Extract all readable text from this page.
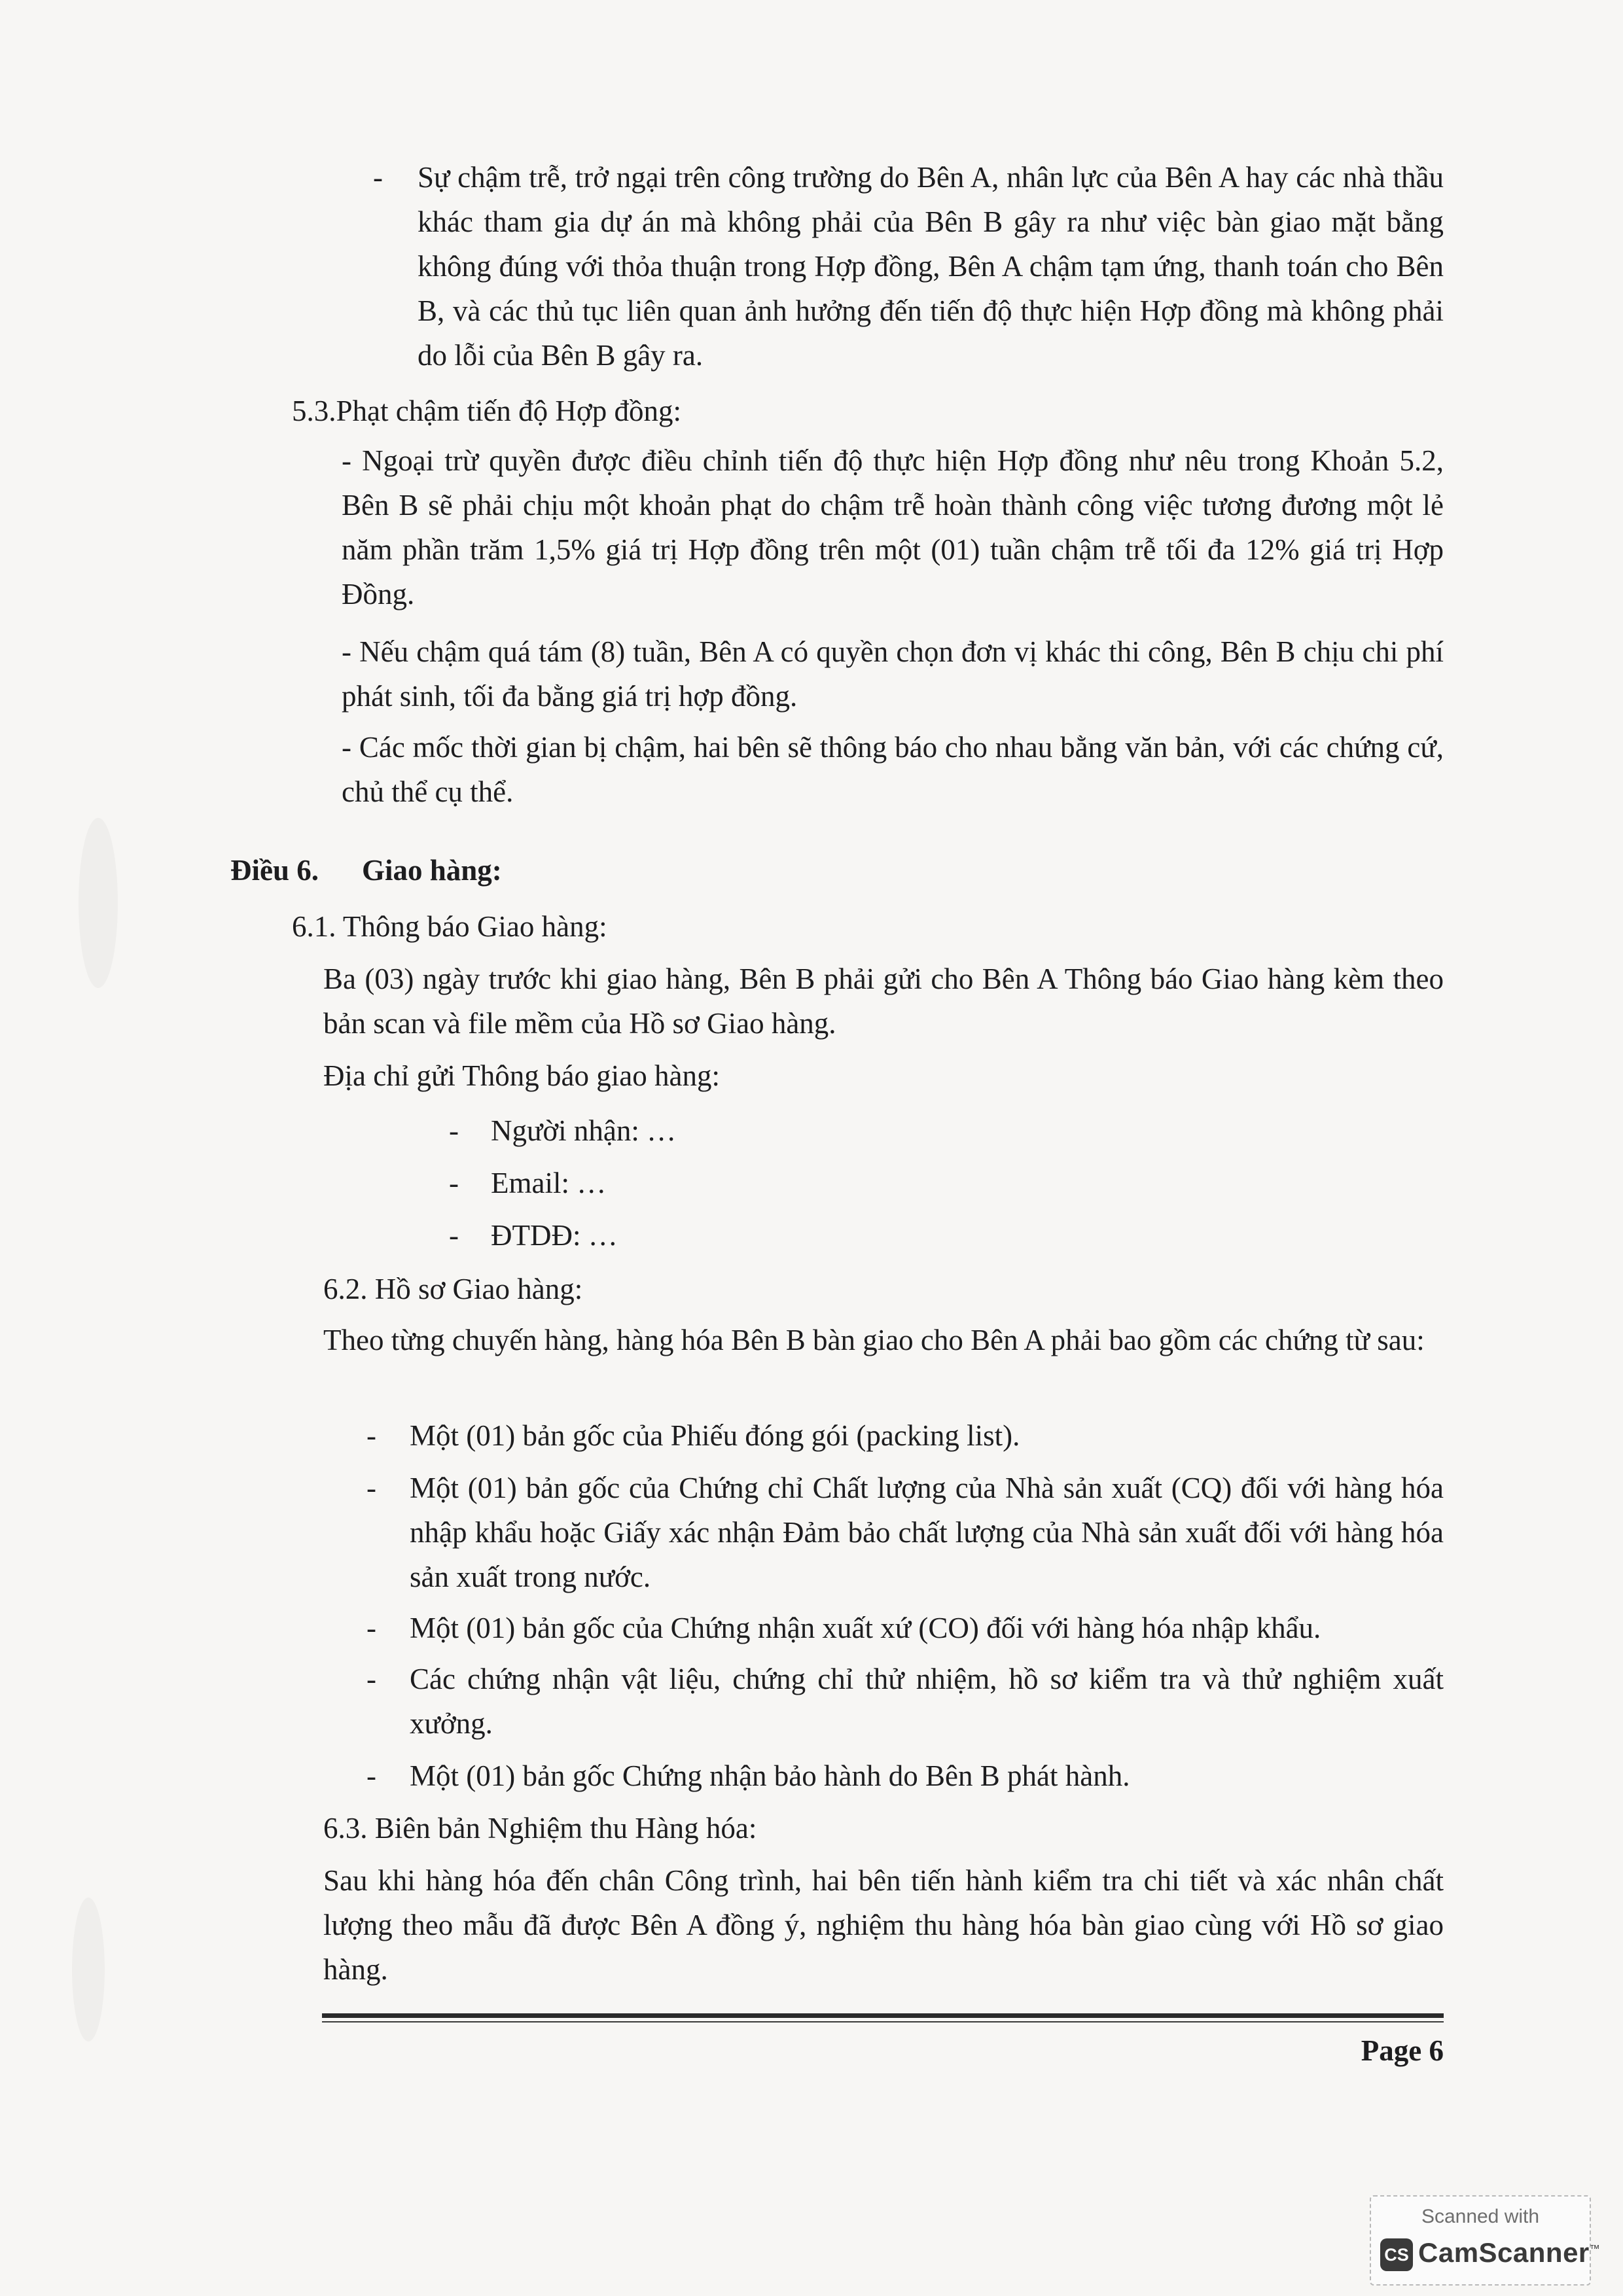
- Sự chậm trễ, trở ngại trên công trường do Bên A, nhân lực của Bên A hay các nhà thầu khác tham gia dự án mà không phải của Bên B gây ra như việc bàn giao mặt bằng không đúng với thỏa thuận trong Hợp đồng, Bên A chậm tạm ứng, thanh toán cho Bên B, và các thủ tục liên quan ảnh hưởng đến tiến độ thực hiện Hợp đồng mà không phải do lỗi của Bên B gây ra.
5.3.Phạt chậm tiến độ Hợp đồng:
- Ngoại trừ quyền được điều chỉnh tiến độ thực hiện Hợp đồng như nêu trong Khoản 5.2, Bên B sẽ phải chịu một khoản phạt do chậm trễ hoàn thành công việc tương đương một lẻ năm phần trăm 1,5% giá trị Hợp đồng trên một (01) tuần chậm trễ tối đa 12% giá trị Hợp Đồng.
- Nếu chậm quá tám (8) tuần, Bên A có quyền chọn đơn vị khác thi công, Bên B chịu chi phí phát sinh, tối đa bằng giá trị hợp đồng.
- Các mốc thời gian bị chậm, hai bên sẽ thông báo cho nhau bằng văn bản, với các chứng cứ, chủ thể cụ thể.
Điều 6. Giao hàng:
6.1. Thông báo Giao hàng:
Ba (03) ngày trước khi giao hàng, Bên B phải gửi cho Bên A Thông báo Giao hàng kèm theo bản scan và file mềm của Hồ sơ Giao hàng.
Địa chỉ gửi Thông báo giao hàng:
- Người nhận: …
- Email: …
- ĐTDĐ: …
6.2. Hồ sơ Giao hàng:
Theo từng chuyến hàng, hàng hóa Bên B bàn giao cho Bên A phải bao gồm các chứng từ sau:
- Một (01) bản gốc của Phiếu đóng gói (packing list).
- Một (01) bản gốc của Chứng chỉ Chất lượng của Nhà sản xuất (CQ) đối với hàng hóa nhập khẩu hoặc Giấy xác nhận Đảm bảo chất lượng của Nhà sản xuất đối với hàng hóa sản xuất trong nước.
- Một (01) bản gốc của Chứng nhận xuất xứ (CO) đối với hàng hóa nhập khẩu.
- Các chứng nhận vật liệu, chứng chỉ thử nhiệm, hồ sơ kiểm tra và thử nghiệm xuất xưởng.
- Một (01) bản gốc Chứng nhận bảo hành do Bên B phát hành.
6.3. Biên bản Nghiệm thu Hàng hóa:
Sau khi hàng hóa đến chân Công trình, hai bên tiến hành kiểm tra chi tiết và xác nhân chất lượng theo mẫu đã được Bên A đồng ý, nghiệm thu hàng hóa bàn giao cùng với Hồ sơ giao hàng.
Page 6
Scanned with
CS CamScanner™
